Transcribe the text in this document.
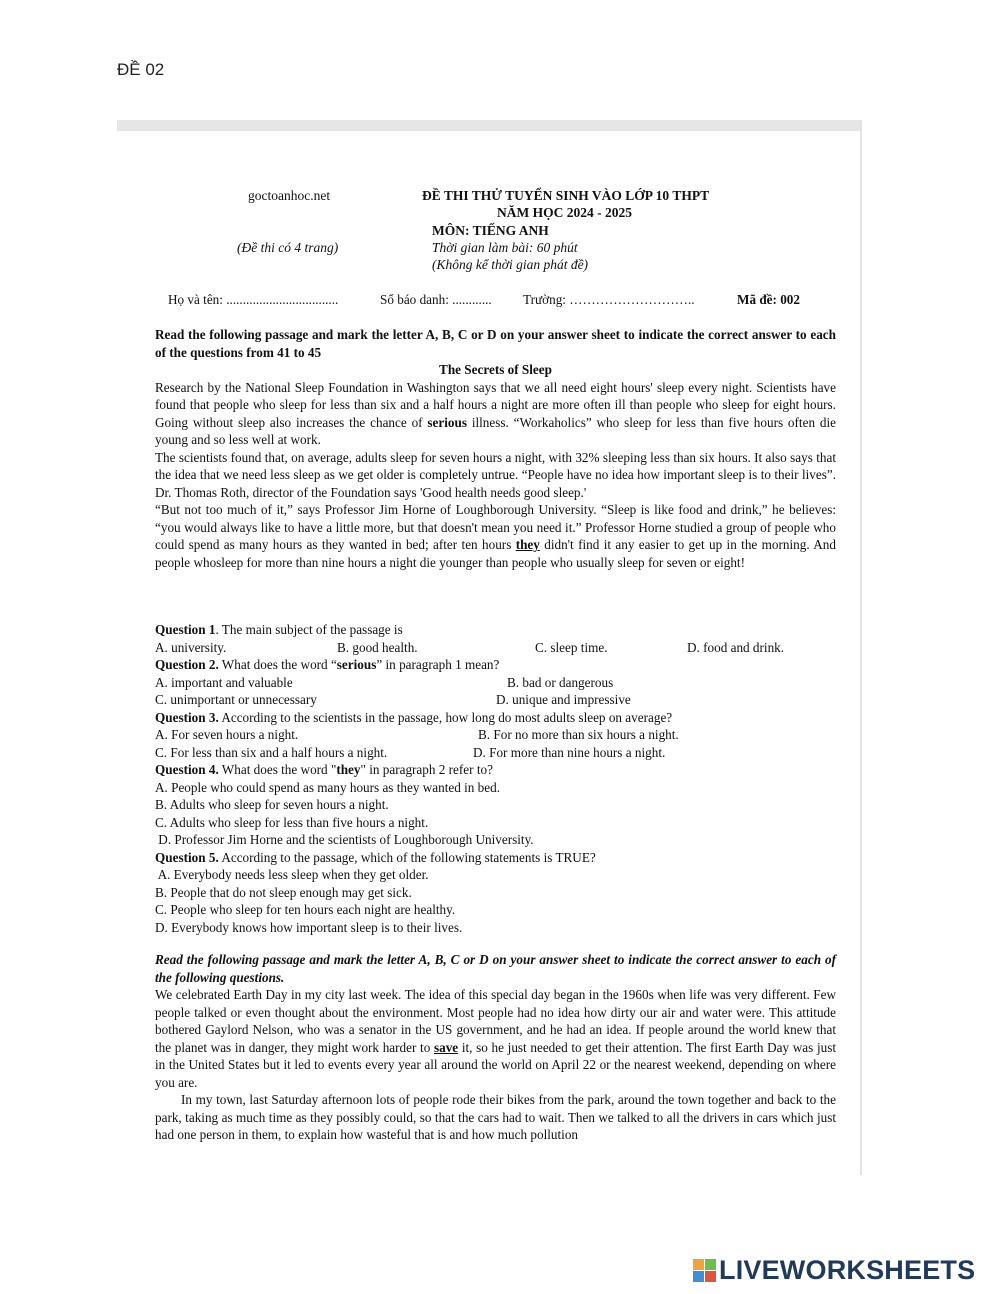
ĐỀ 02
goctoanhoc.net
(Đề thi có 4 trang)
ĐỀ THI THỬ TUYỂN SINH VÀO LỚP 10 THPT
NĂM HỌC 2024 - 2025
MÔN: TIẾNG ANH
Thời gian làm bài: 60 phút
(Không kể thời gian phát đề)
Họ và tên: ..................................	Số báo danh: ............ Trường: ………………………..	Mã đề: 002

Read the following passage and mark the letter A, B, C or D on your answer sheet to indicate the correct answer to each of the questions from 41 to 45

The Secrets of Sleep

Research by the National Sleep Foundation in Washington says that we all need eight hours' sleep every night. Scientists have found that people who sleep for less than six and a half hours a night are more often ill than people who sleep for eight hours. Going without sleep also increases the chance of serious illness. “Workaholics” who sleep for less than five hours often die young and so less well at work.

The scientists found that, on average, adults sleep for seven hours a night, with 32% sleeping less than six hours. It also says that the idea that we need less sleep as we get older is completely untrue. “People have no idea how important sleep is to their lives”. Dr. Thomas Roth, director of the Foundation says 'Good health needs good sleep.'

“But not too much of it,” says Professor Jim Horne of Loughborough University. “Sleep is like food and drink,” he believes: “you would always like to have a little more, but that doesn't mean you need it.” Professor Horne studied a group of people who could spend as many hours as they wanted in bed; after ten hours they didn't find it any easier to get up in the morning. And people whosleep for more than nine hours a night die younger than people who usually sleep for seven or eight!

Question 1. The main subject of the passage is
A. university.	B. good health.	C. sleep time.	D. food and drink.
Question 2. What does the word “serious” in paragraph 1 mean?
A. important and valuable	B. bad or dangerous
C. unimportant or unnecessary	D. unique and impressive
Question 3. According to the scientists in the passage, how long do most adults sleep on average?
A. For seven hours a night.	B. For no more than six hours a night.
C. For less than six and a half hours a night.	D. For more than nine hours a night.
Question 4. What does the word "they" in paragraph 2 refer to?
A. People who could spend as many hours as they wanted in bed.
B. Adults who sleep for seven hours a night.
C. Adults who sleep for less than five hours a night.
D. Professor Jim Horne and the scientists of Loughborough University.
Question 5. According to the passage, which of the following statements is TRUE?
A. Everybody needs less sleep when they get older.
B. People that do not sleep enough may get sick.
C. People who sleep for ten hours each night are healthy.
D. Everybody knows how important sleep is to their lives.

Read the following passage and mark the letter A, B, C or D on your answer sheet to indicate the correct answer to each of the following questions.

We celebrated Earth Day in my city last week. The idea of this special day began in the 1960s when life was very different. Few people talked or even thought about the environment. Most people had no idea how dirty our air and water were. This attitude bothered Gaylord Nelson, who was a senator in the US government, and he had an idea. If people around the world knew that the planet was in danger, they might work harder to save it, so he just needed to get their attention. The first Earth Day was just in the United States but it led to events every year all around the world on April 22 or the nearest weekend, depending on where you are.

In my town, last Saturday afternoon lots of people rode their bikes from the park, around the town together and back to the park, taking as much time as they possibly could, so that the cars had to wait. Then we talked to all the drivers in cars which just had one person in them, to explain how wasteful that is and how much pollution

LIVEWORKSHEETS
